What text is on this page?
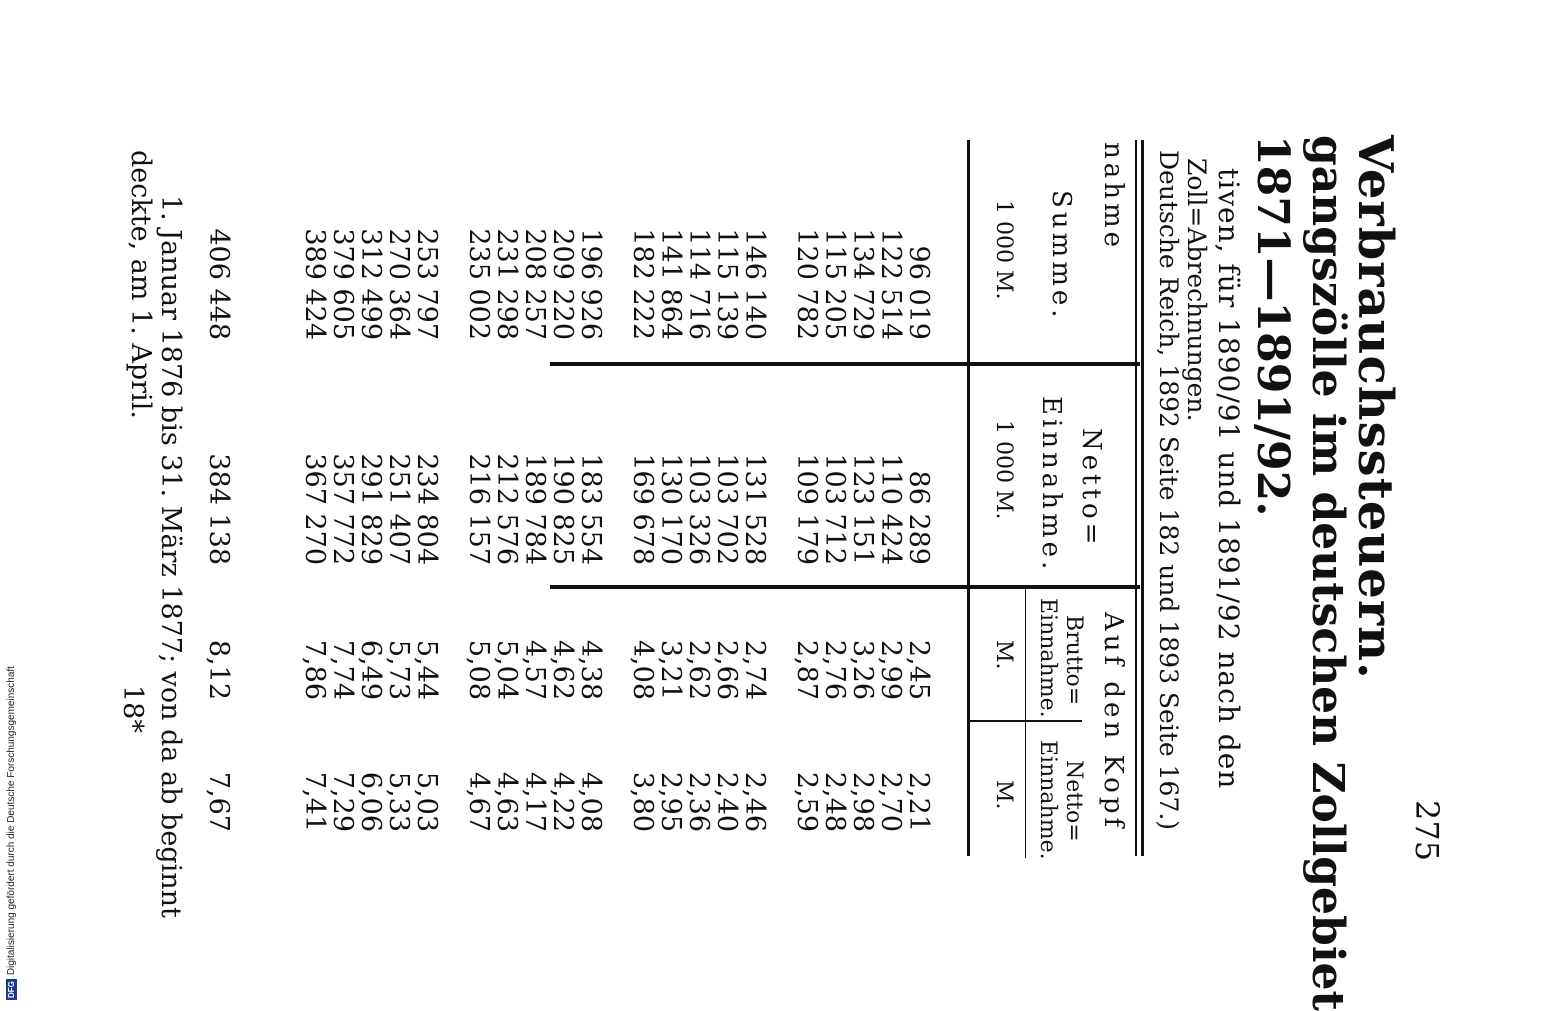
275
Verbrauchssteuern.
gangszölle im deutschen Zollgebiet
1871—1891/92.
tiven, für 1890/91 und 1891/92 nach den
Zoll=Abrechnungen.
Deutsche Reich, 1892 Seite 182 und 1893 Seite 167.)
nahme
Summe.
1 000 M.
Netto=
Einnahme.
1 000 M.
Auf den Kopf
Brutto=
Einnahme.
Netto=
Einnahme.
M.
M.
96 019
86 289
2,45
2,21
122 514
110 424
2,99
2,70
134 729
123 151
3,26
2,98
115 205
103 712
2,76
2,48
120 782
109 179
2,87
2,59
146 140
131 528
2,74
2,46
115 139
103 702
2,66
2,40
114 716
103 326
2,62
2,36
141 864
130 170
3,21
2,95
182 222
169 678
4,08
3,80
196 926
183 554
4,38
4,08
209 220
190 825
4,62
4,22
208 257
189 784
4,57
4,17
231 298
212 576
5,04
4,63
235 002
216 157
5,08
4,67
253 797
234 804
5,44
5,03
270 364
251 407
5,73
5,33
312 499
291 829
6,49
6,06
379 605
357 772
7,74
7,29
389 424
367 270
7,86
7,41
406 448
384 138
8,12
7,67
1. Januar 1876 bis 31. März 1877; von da ab beginnt
deckte, am 1. April.
18*
DFG
Digitalisierung gefördert durch die Deutsche Forschungsgemeinschaft
